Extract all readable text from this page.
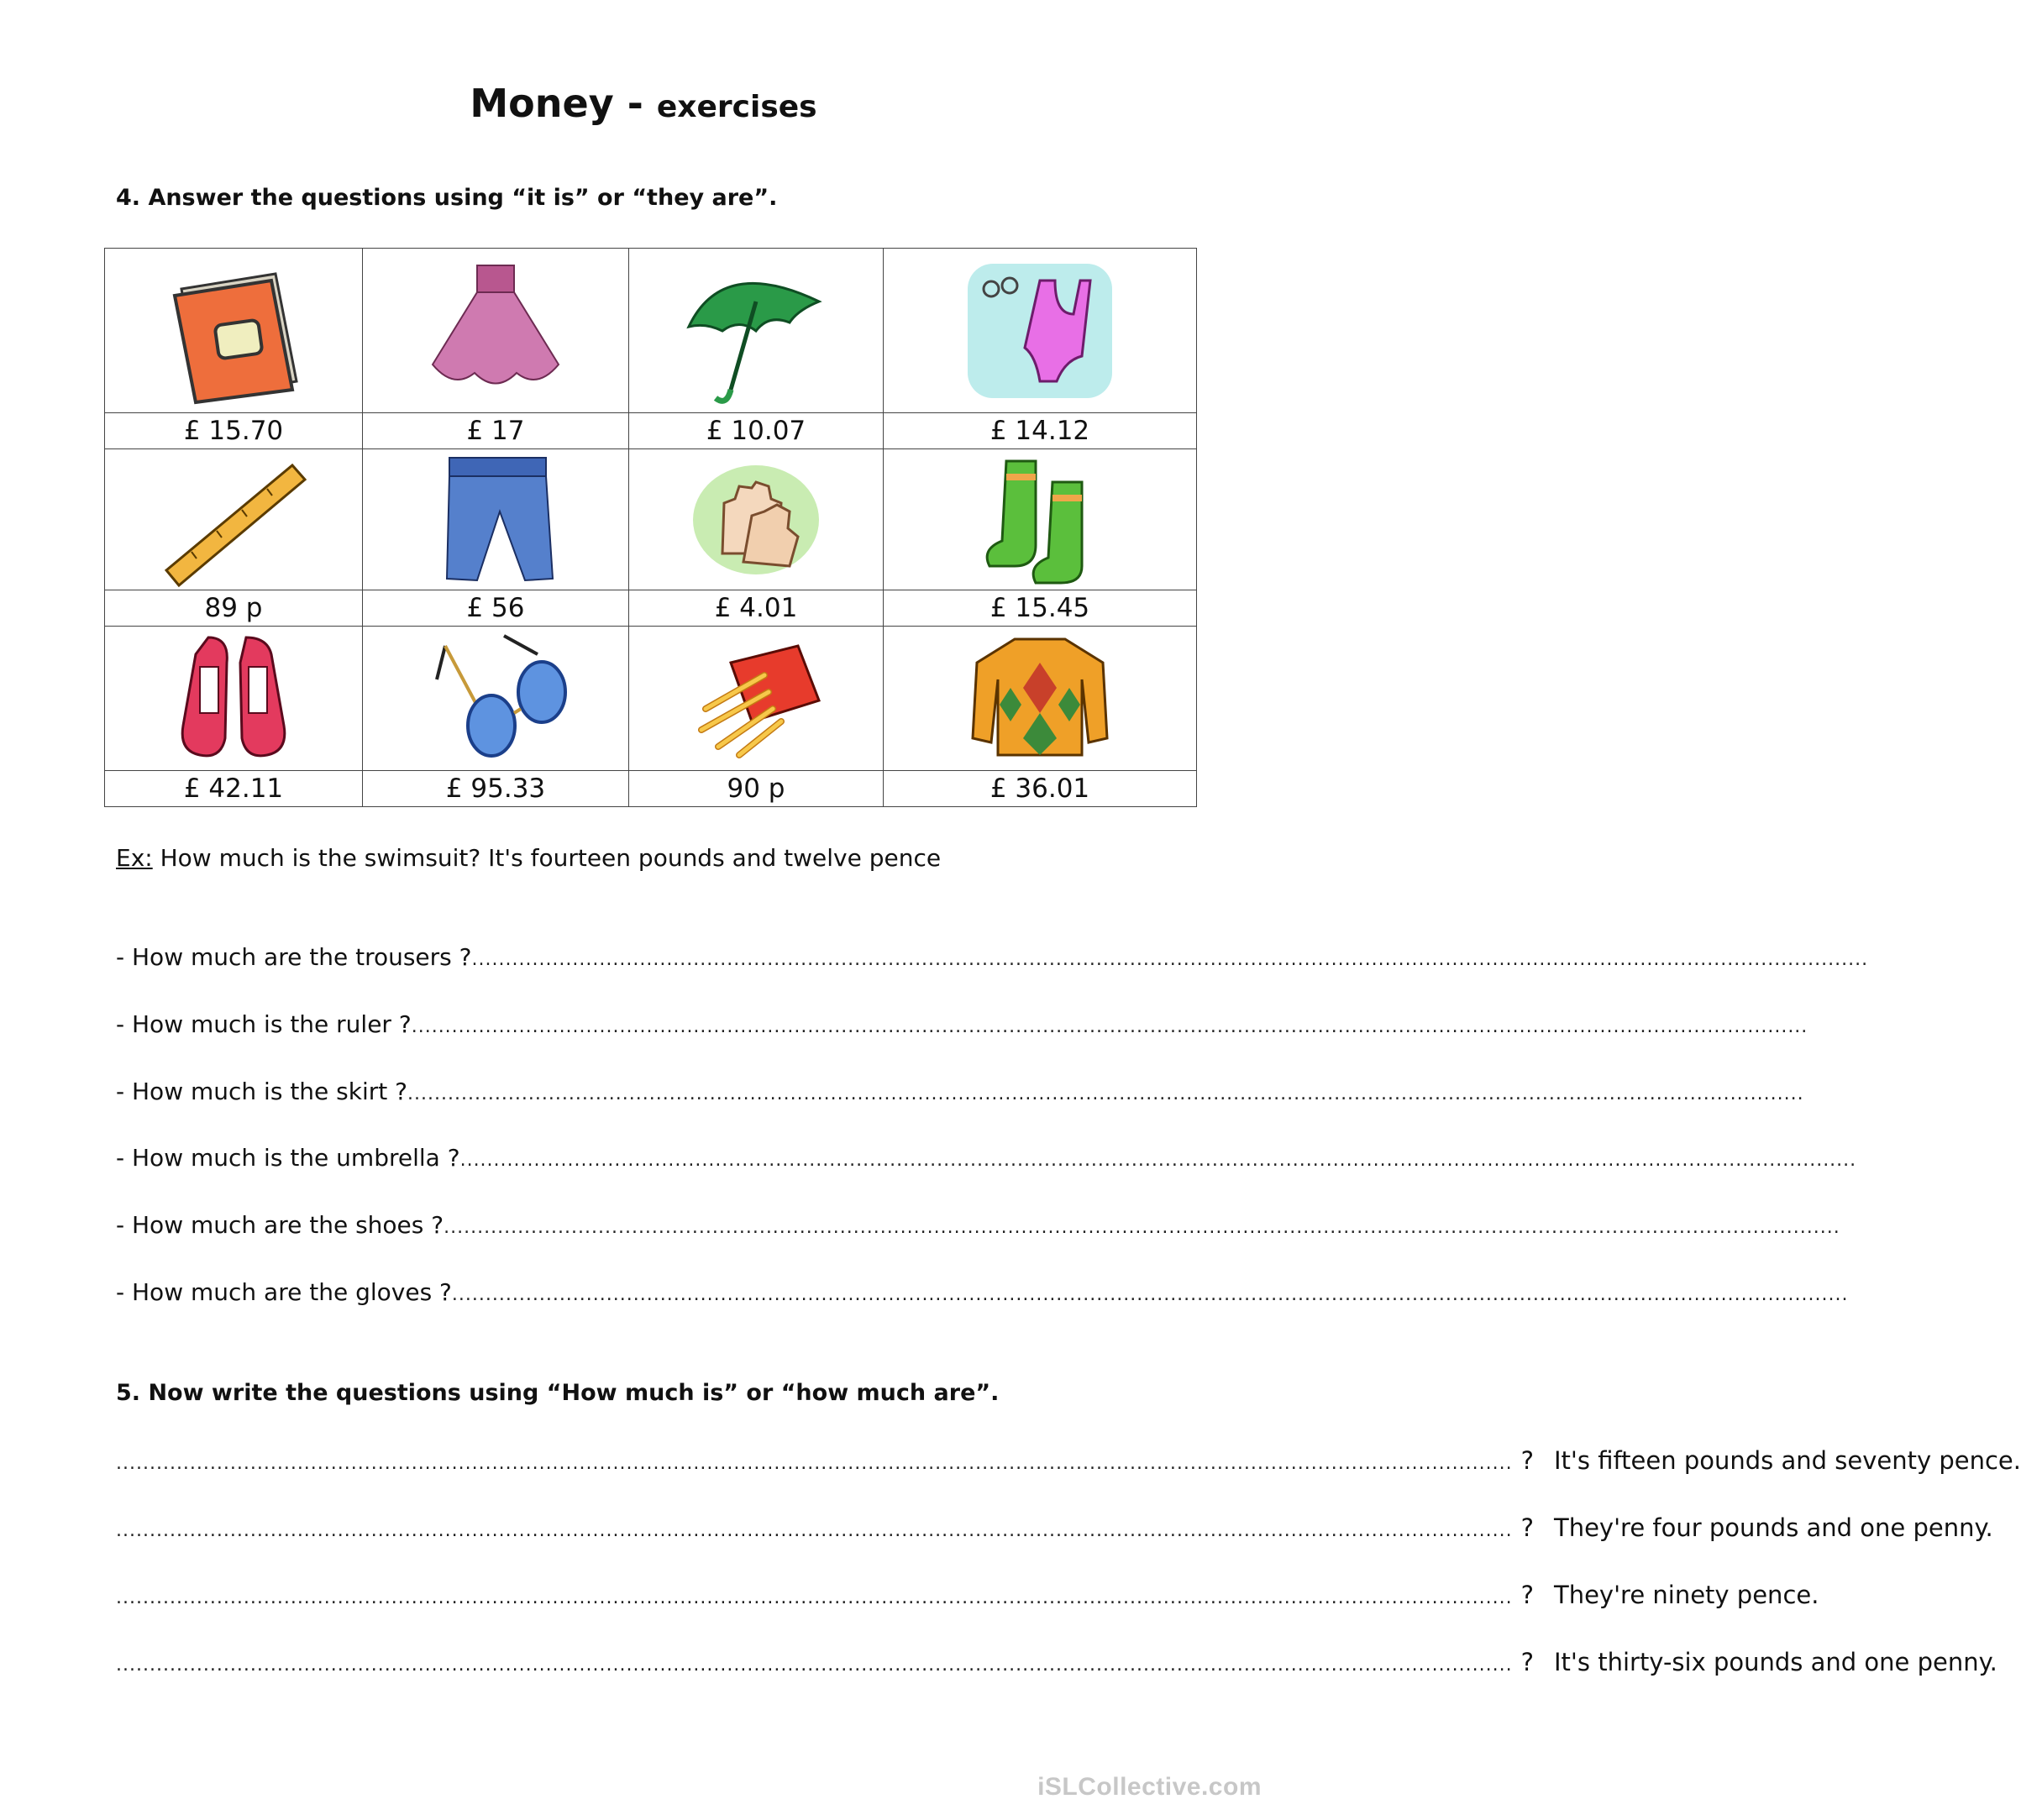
Money - exercises
4. Answer the questions using “it is” or “they are”.

£ 15.70	£ 17	£ 10.07	£ 14.12

89 p	£ 56	£ 4.01	£ 15.45

£ 42.11	£ 95.33	90 p	£ 36.01
Ex: How much is the swimsuit? It's fourteen pounds and twelve pence
- How much are the trousers ? ................................................................................................................................................................................................................
- How much is the ruler ? ................................................................................................................................................................................................................
- How much is the skirt ? ................................................................................................................................................................................................................
- How much is the umbrella ? ................................................................................................................................................................................................................
- How much are the shoes ? ................................................................................................................................................................................................................
- How much are the gloves ? ................................................................................................................................................................................................................
5. Now write the questions using “How much is” or “how much are”.
................................................................................................................................................................................................................ ? It's fifteen pounds and seventy pence.
................................................................................................................................................................................................................ ? They're four pounds and one penny.
................................................................................................................................................................................................................ ? They're ninety pence.
................................................................................................................................................................................................................ ? It's thirty-six pounds and one penny.
iSLCollective.com
